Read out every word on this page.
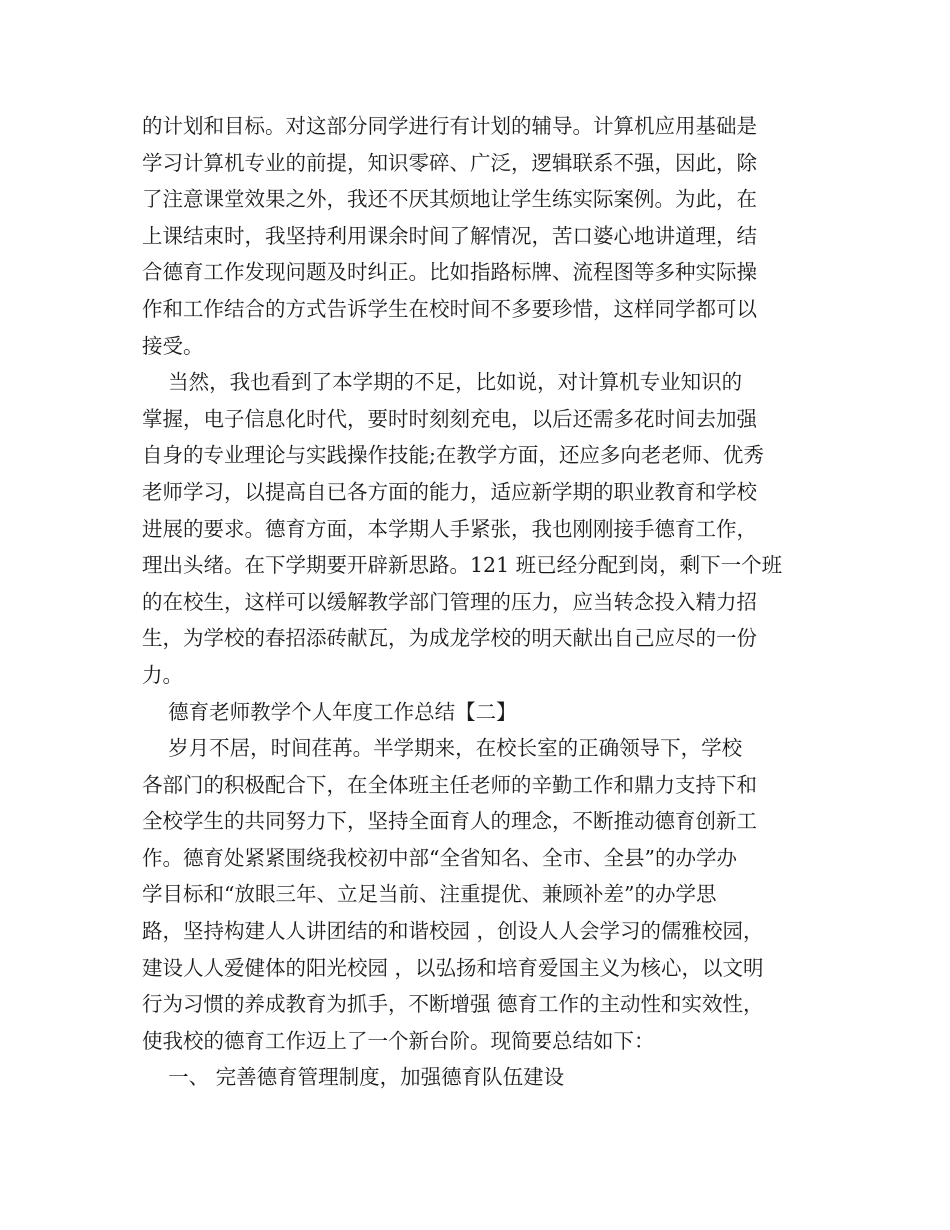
的计划和目标。对这部分同学进行有计划的辅导。计算机应用基础是
学习计算机专业的前提，知识零碎、广泛，逻辑联系不强，因此，除
了注意课堂效果之外，我还不厌其烦地让学生练实际案例。为此，在
上课结束时，我坚持利用课余时间了解情况，苦口婆心地讲道理，结
合德育工作发现问题及时纠正。比如指路标牌、流程图等多种实际操
作和工作结合的方式告诉学生在校时间不多要珍惜，这样同学都可以
接受。
当然，我也看到了本学期的不足，比如说，对计算机专业知识的
掌握，电子信息化时代，要时时刻刻充电，以后还需多花时间去加强
自身的专业理论与实践操作技能;在教学方面，还应多向老老师、优秀
老师学习，以提高自已各方面的能力，适应新学期的职业教育和学校
进展的要求。德育方面，本学期人手紧张，我也刚刚接手德育工作，
理出头绪。在下学期要开辟新思路。121 班已经分配到岗，剩下一个班
的在校生，这样可以缓解教学部门管理的压力，应当转念投入精力招
生，为学校的春招添砖献瓦，为成龙学校的明天献出自己应尽的一份
力。
德育老师教学个人年度工作总结【二】
岁月不居，时间荏苒。半学期来，在校长室的正确领导下，学校
各部门的积极配合下，在全体班主任老师的辛勤工作和鼎力支持下和
全校学生的共同努力下，坚持全面育人的理念，不断推动德育创新工
作。德育处紧紧围绕我校初中部“全省知名、全市、全县”的办学办
学目标和“放眼三年、立足当前、注重提优、兼顾补差”的办学思
路，坚持构建人人讲团结的和谐校园 ，创设人人会学习的儒雅校园，
建设人人爱健体的阳光校园 ，以弘扬和培育爱国主义为核心，以文明
行为习惯的养成教育为抓手，不断增强 德育工作的主动性和实效性，
使我校的德育工作迈上了一个新台阶。现简要总结如下：
一、 完善德育管理制度，加强德育队伍建设
